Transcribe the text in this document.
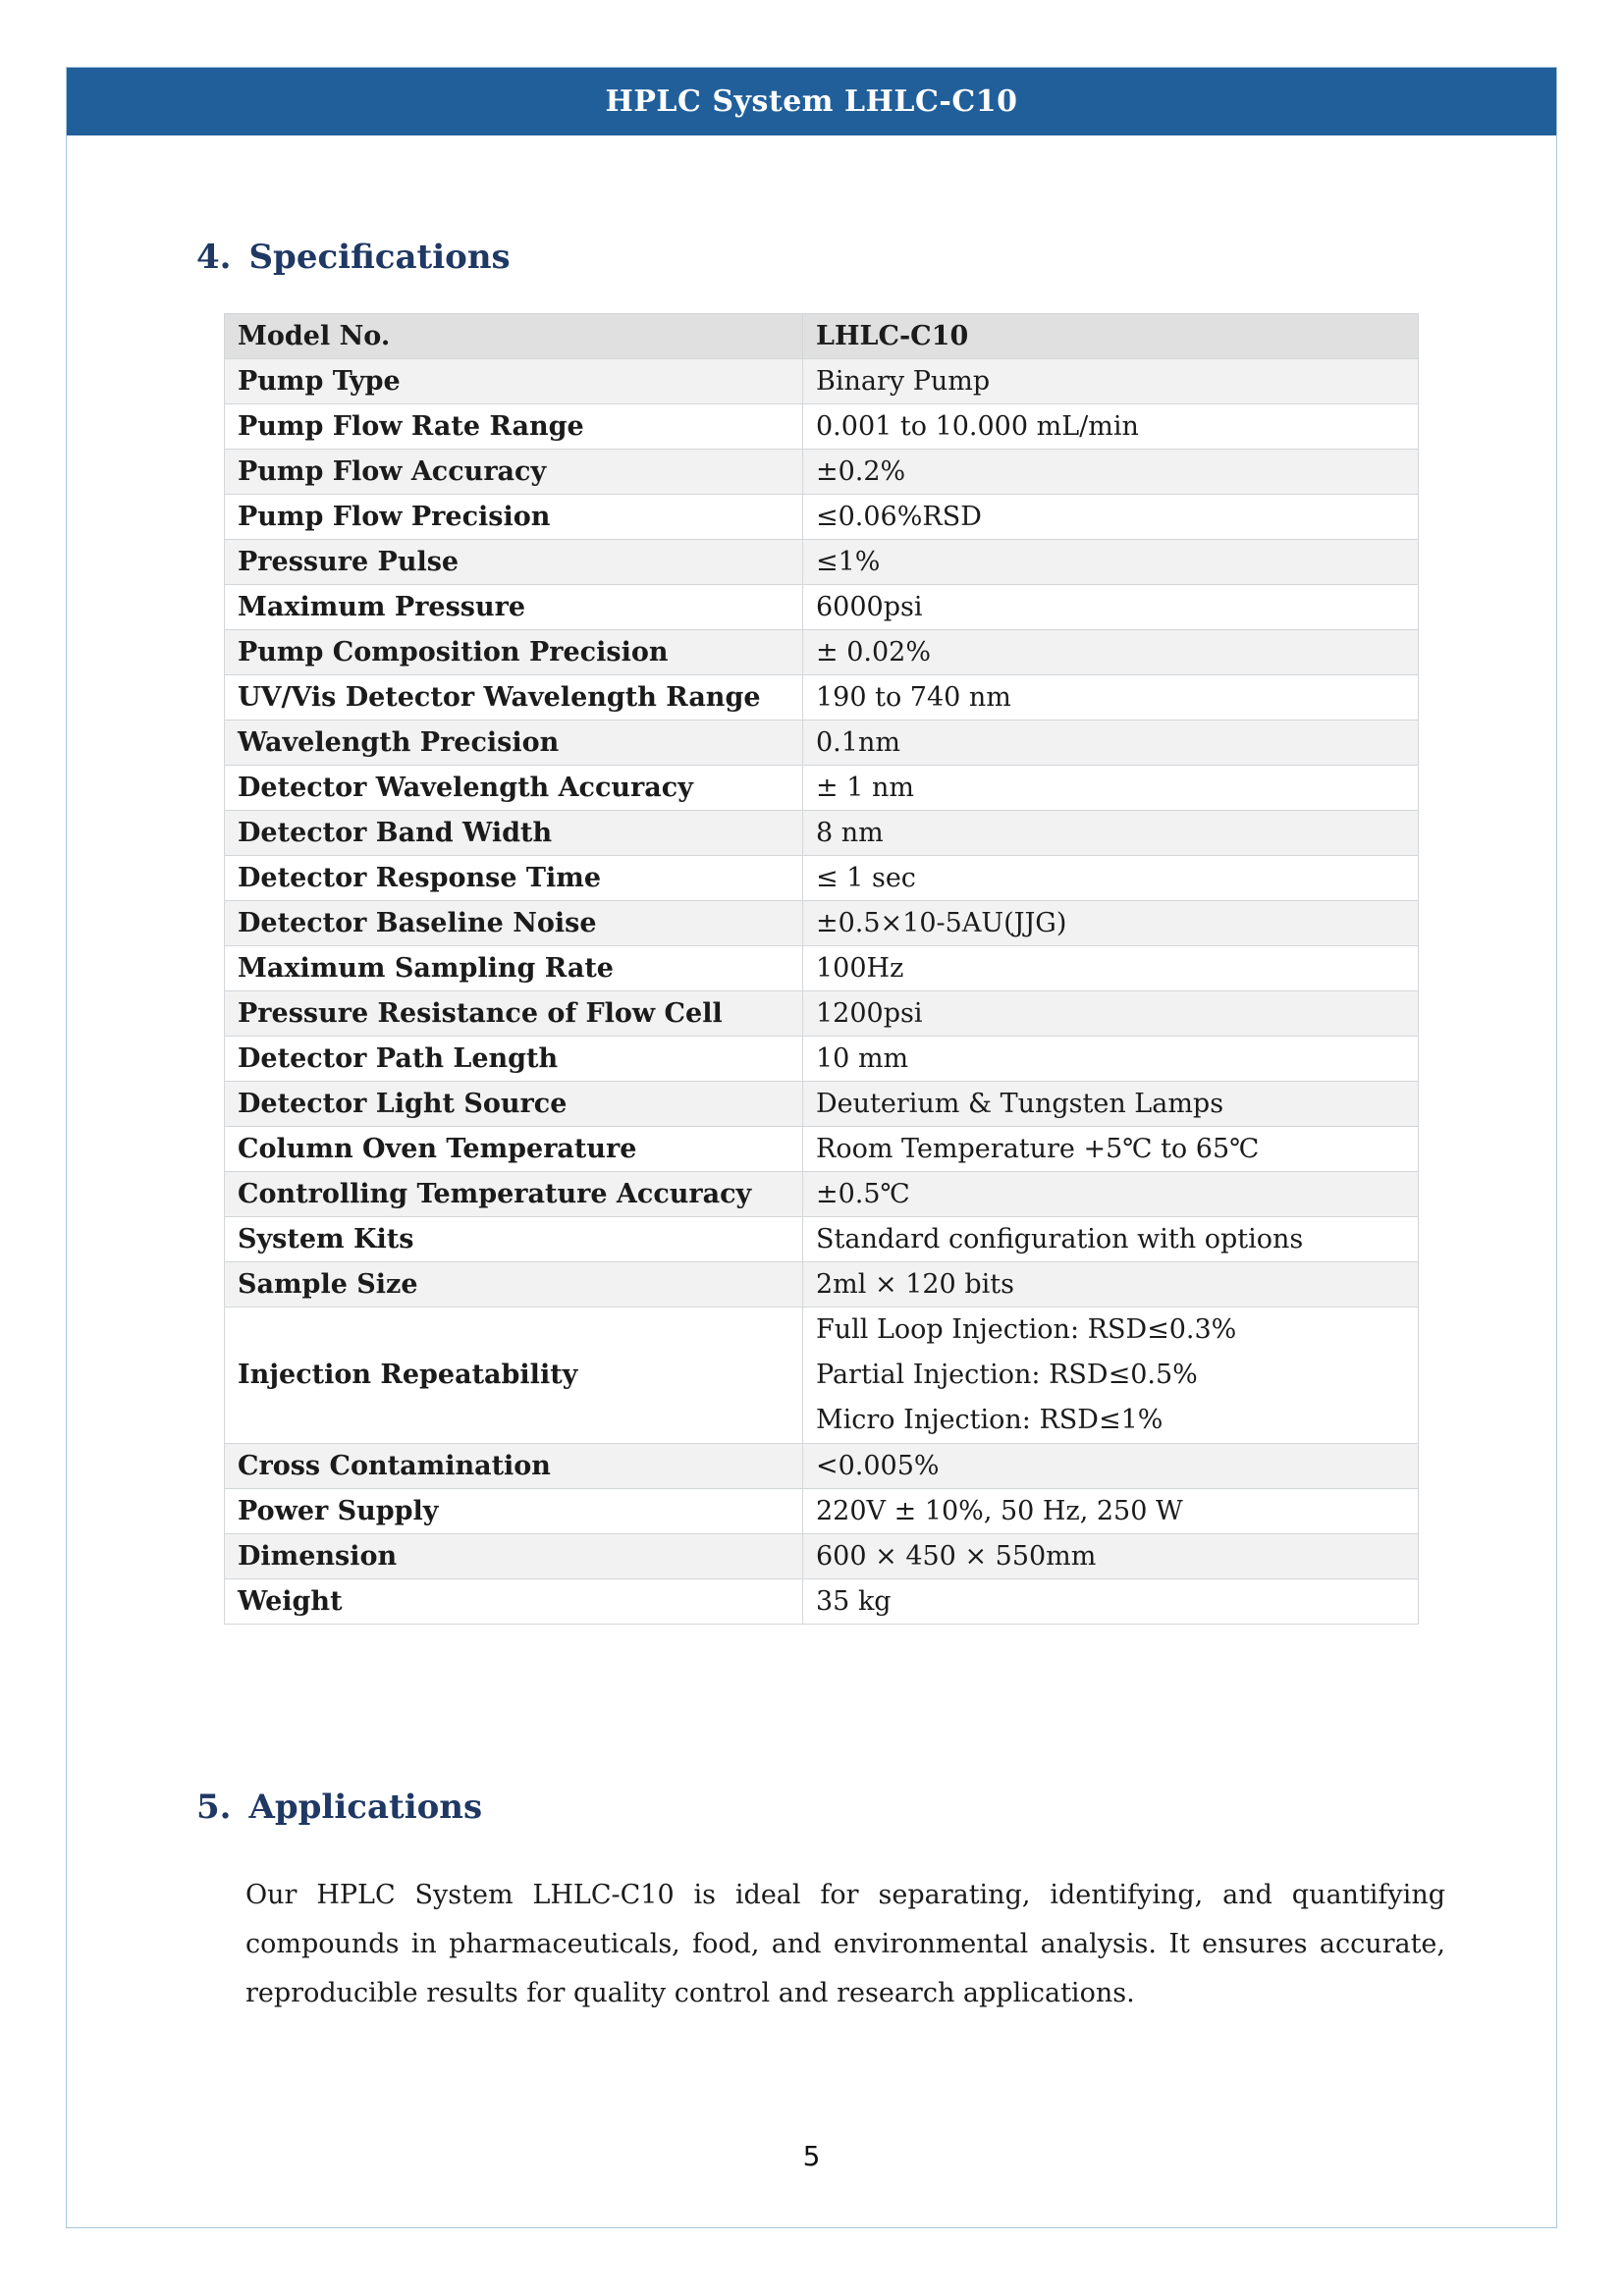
HPLC System LHLC-C10
4. Specifications
Model No.	LHLC-C10
Pump Type	Binary Pump
Pump Flow Rate Range	0.001 to 10.000 mL/min
Pump Flow Accuracy	±0.2%
Pump Flow Precision	≤0.06%RSD
Pressure Pulse	≤1%
Maximum Pressure	6000psi
Pump Composition Precision	± 0.02%
UV/Vis Detector Wavelength Range	190 to 740 nm
Wavelength Precision	0.1nm
Detector Wavelength Accuracy	± 1 nm
Detector Band Width	8 nm
Detector Response Time	≤ 1 sec
Detector Baseline Noise	±0.5×10-5AU(JJG)
Maximum Sampling Rate	100Hz
Pressure Resistance of Flow Cell	1200psi
Detector Path Length	10 mm
Detector Light Source	Deuterium & Tungsten Lamps
Column Oven Temperature	Room Temperature +5℃ to 65℃
Controlling Temperature Accuracy	±0.5℃
System Kits	Standard configuration with options
Sample Size	2ml × 120 bits
Injection Repeatability	Full Loop Injection: RSD≤0.3%
Partial Injection: RSD≤0.5%
Micro Injection: RSD≤1%

Cross Contamination	<0.005%
Power Supply	220V ± 10%, 50 Hz, 250 W
Dimension	600 × 450 × 550mm
Weight	35 kg
5. Applications

Our HPLC System LHLC-C10 is ideal for separating, identifying, and quantifying compounds in pharmaceuticals, food, and environmental analysis. It ensures accurate, reproducible results for quality control and research applications.

5
